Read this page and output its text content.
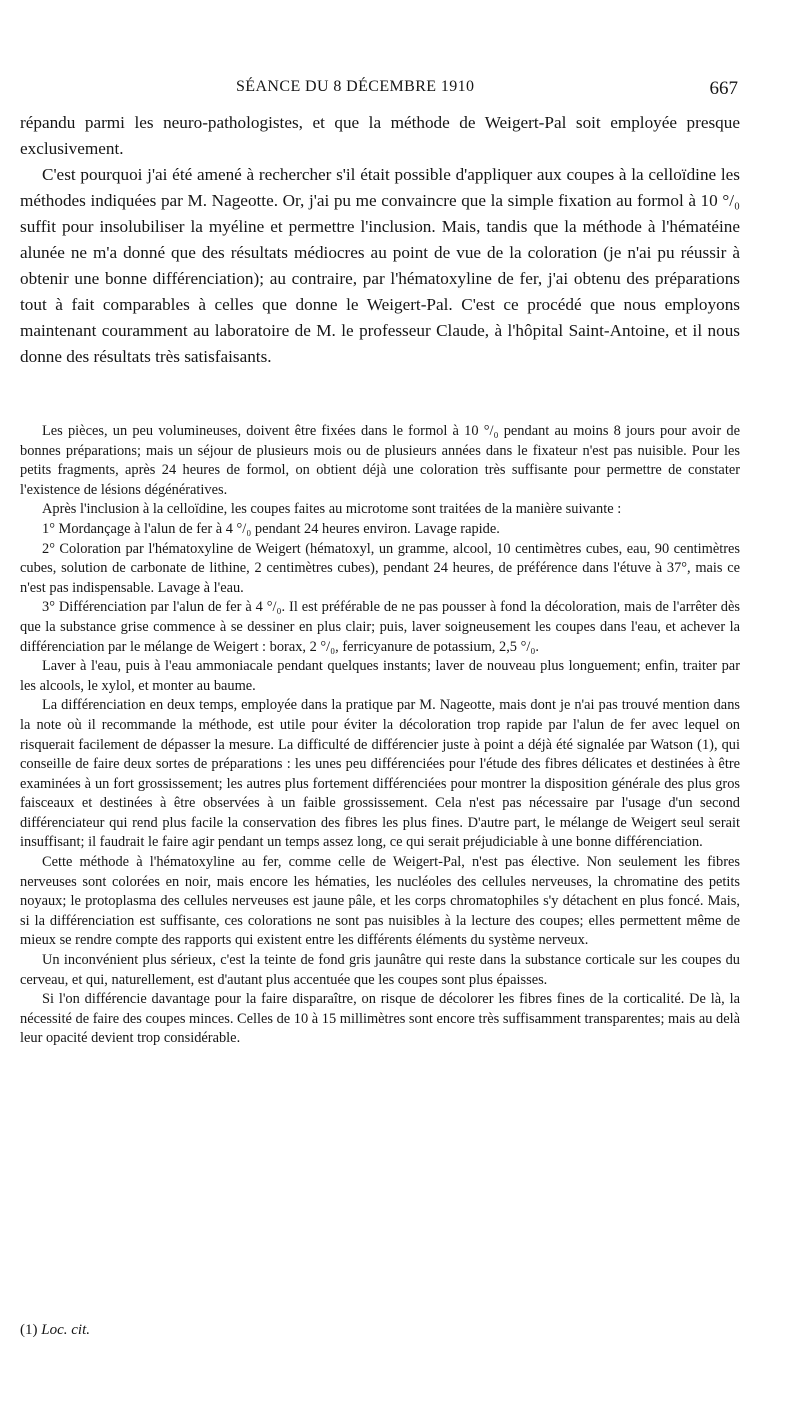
SÉANCE DU 8 DÉCEMBRE 1910	667

répandu parmi les neuro-pathologistes, et que la méthode de Weigert-Pal soit employée presque exclusivement.

C'est pourquoi j'ai été amené à rechercher s'il était possible d'appliquer aux coupes à la celloïdine les méthodes indiquées par M. Nageotte. Or, j'ai pu me convaincre que la simple fixation au formol à 10 °/₀ suffit pour insolubiliser la myéline et permettre l'inclusion. Mais, tandis que la méthode à l'hématéine alunée ne m'a donné que des résultats médiocres au point de vue de la coloration (je n'ai pu réussir à obtenir une bonne différenciation); au contraire, par l'hématoxyline de fer, j'ai obtenu des préparations tout à fait comparables à celles que donne le Weigert-Pal. C'est ce procédé que nous employons maintenant couramment au laboratoire de M. le professeur Claude, à l'hôpital Saint-Antoine, et il nous donne des résultats très satisfaisants.

Les pièces, un peu volumineuses, doivent être fixées dans le formol à 10 °/₀ pendant au moins 8 jours pour avoir de bonnes préparations; mais un séjour de plusieurs mois ou de plusieurs années dans le fixateur n'est pas nuisible. Pour les petits fragments, après 24 heures de formol, on obtient déjà une coloration très suffisante pour permettre de constater l'existence de lésions dégénératives.

Après l'inclusion à la celloïdine, les coupes faites au microtome sont traitées de la manière suivante :

1° Mordançage à l'alun de fer à 4 °/₀ pendant 24 heures environ. Lavage rapide.

2° Coloration par l'hématoxyline de Weigert (hématoxyl, un gramme, alcool, 10 centimètres cubes, eau, 90 centimètres cubes, solution de carbonate de lithine, 2 centimètres cubes), pendant 24 heures, de préférence dans l'étuve à 37°, mais ce n'est pas indispensable. Lavage à l'eau.

3° Différenciation par l'alun de fer à 4 °/₀. Il est préférable de ne pas pousser à fond la décoloration, mais de l'arrêter dès que la substance grise commence à se dessiner en plus clair; puis, laver soigneusement les coupes dans l'eau, et achever la différenciation par le mélange de Weigert : borax, 2 °/₀, ferricyanure de potassium, 2,5 °/₀.

Laver à l'eau, puis à l'eau ammoniacale pendant quelques instants; laver de nouveau plus longuement; enfin, traiter par les alcools, le xylol, et monter au baume.

La différenciation en deux temps, employée dans la pratique par M. Nageotte, mais dont je n'ai pas trouvé mention dans la note où il recommande la méthode, est utile pour éviter la décoloration trop rapide par l'alun de fer avec lequel on risquerait facilement de dépasser la mesure. La difficulté de différencier juste à point a déjà été signalée par Watson (1), qui conseille de faire deux sortes de préparations : les unes peu différenciées pour l'étude des fibres délicates et destinées à être examinées à un fort grossissement; les autres plus fortement différenciées pour montrer la disposition générale des plus gros faisceaux et destinées à être observées à un faible grossissement. Cela n'est pas nécessaire par l'usage d'un second différenciateur qui rend plus facile la conservation des fibres les plus fines. D'autre part, le mélange de Weigert seul serait insuffisant; il faudrait le faire agir pendant un temps assez long, ce qui serait préjudiciable à une bonne différenciation.

Cette méthode à l'hématoxyline au fer, comme celle de Weigert-Pal, n'est pas élective. Non seulement les fibres nerveuses sont colorées en noir, mais encore les hématies, les nucléoles des cellules nerveuses, la chromatine des petits noyaux; le protoplasma des cellules nerveuses est jaune pâle, et les corps chromatophiles s'y détachent en plus foncé. Mais, si la différenciation est suffisante, ces colorations ne sont pas nuisibles à la lecture des coupes; elles permettent même de mieux se rendre compte des rapports qui existent entre les différents éléments du système nerveux.

Un inconvénient plus sérieux, c'est la teinte de fond gris jaunâtre qui reste dans la substance corticale sur les coupes du cerveau, et qui, naturellement, est d'autant plus accentuée que les coupes sont plus épaisses.

Si l'on différencie davantage pour la faire disparaître, on risque de décolorer les fibres fines de la corticalité. De là, la nécessité de faire des coupes minces. Celles de 10 à 15 millimètres sont encore très suffisamment transparentes; mais au delà leur opacité devient trop considérable.

(1) Loc. cit.
